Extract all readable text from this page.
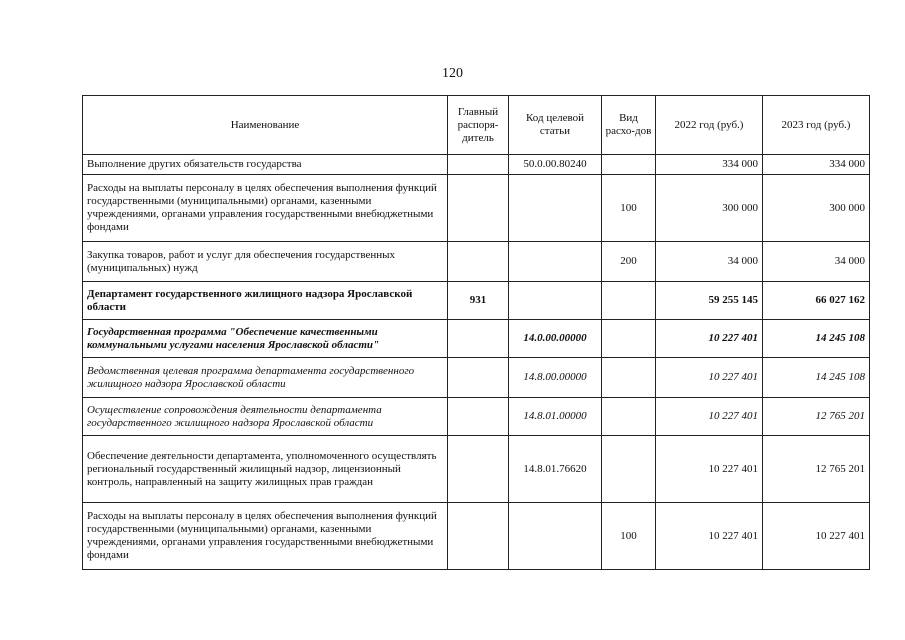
120
Наименование	Главный распоря-дитель	Код целевой статьи	Вид расхо-дов	2022 год (руб.)	2023 год (руб.)
Выполнение других обязательств государства		50.0.00.80240		334 000	334 000
Расходы на выплаты персоналу в целях обеспечения выполнения функций государственными (муниципальными) органами, казенными учреждениями, органами управления государственными внебюджетными фондами			100	300 000	300 000
Закупка товаров, работ и услуг для обеспечения государственных (муниципальных) нужд			200	34 000	34 000
Департамент государственного жилищного надзора Ярославской области	931			59 255 145	66 027 162
Государственная программа "Обеспечение качественными коммунальными услугами населения Ярославской области"		14.0.00.00000		10 227 401	14 245 108
Ведомственная целевая программа департамента государственного жилищного надзора Ярославской области		14.8.00.00000		10 227 401	14 245 108
Осуществление сопровождения деятельности департамента государственного жилищного надзора Ярославской области		14.8.01.00000		10 227 401	12 765 201
Обеспечение деятельности департамента, уполномоченного осуществлять региональный государственный жилищный надзор, лицензионный контроль, направленный на защиту жилищных прав граждан		14.8.01.76620		10 227 401	12 765 201
Расходы на выплаты персоналу в целях обеспечения выполнения функций государственными (муниципальными) органами, казенными учреждениями, органами управления государственными внебюджетными фондами			100	10 227 401	10 227 401
